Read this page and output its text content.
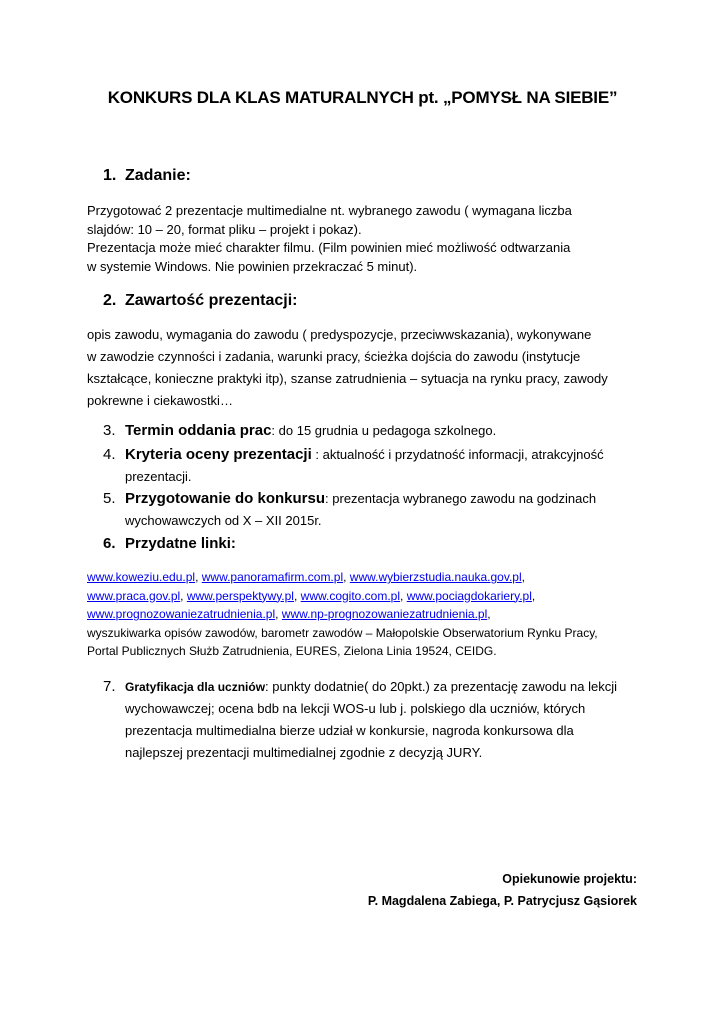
KONKURS DLA KLAS MATURALNYCH pt. „POMYSŁ NA SIEBIE”
1. Zadanie:
Przygotować 2 prezentacje multimedialne nt. wybranego zawodu ( wymagana liczba
slajdów: 10 – 20, format pliku – projekt i pokaz).
Prezentacja może mieć charakter filmu. (Film powinien mieć możliwość odtwarzania
w systemie Windows. Nie powinien przekraczać 5 minut).
2. Zawartość prezentacji:
opis zawodu, wymagania do zawodu ( predyspozycje, przeciwwskazania), wykonywane
w zawodzie czynności i zadania, warunki pracy, ścieżka dojścia do zawodu (instytucje
kształcące, konieczne praktyki itp), szanse zatrudnienia – sytuacja na rynku pracy, zawody
pokrewne i ciekawostki…
3. Termin oddania prac: do 15 grudnia u pedagoga szkolnego.
4. Kryteria oceny prezentacji : aktualność i przydatność informacji, atrakcyjność
prezentacji.
5. Przygotowanie do konkursu: prezentacja wybranego zawodu na godzinach
wychowawczych od X – XII 2015r.
6. Przydatne linki:
www.koweziu.edu.pl, www.panoramafirm.com.pl, www.wybierzstudia.nauka.gov.pl,
www.praca.gov.pl, www.perspektywy.pl, www.cogito.com.pl, www.pociagdokariery.pl,
www.prognozowaniezatrudnienia.pl, www.np-prognozowaniezatrudnienia.pl,
wyszukiwarka opisów zawodów, barometr zawodów – Małopolskie Obserwatorium Rynku Pracy,
Portal Publicznych Służb Zatrudnienia, EURES, Zielona Linia 19524, CEIDG.
7. Gratyfikacja dla uczniów: punkty dodatnie( do 20pkt.) za prezentację zawodu na lekcji
wychowawczej; ocena bdb na lekcji WOS-u lub j. polskiego dla uczniów, których
prezentacja multimedialna bierze udział w konkursie, nagroda konkursowa dla
najlepszej prezentacji multimedialnej zgodnie z decyzją JURY.
Opiekunowie projektu:
P. Magdalena Zabiega, P. Patrycjusz Gąsiorek
